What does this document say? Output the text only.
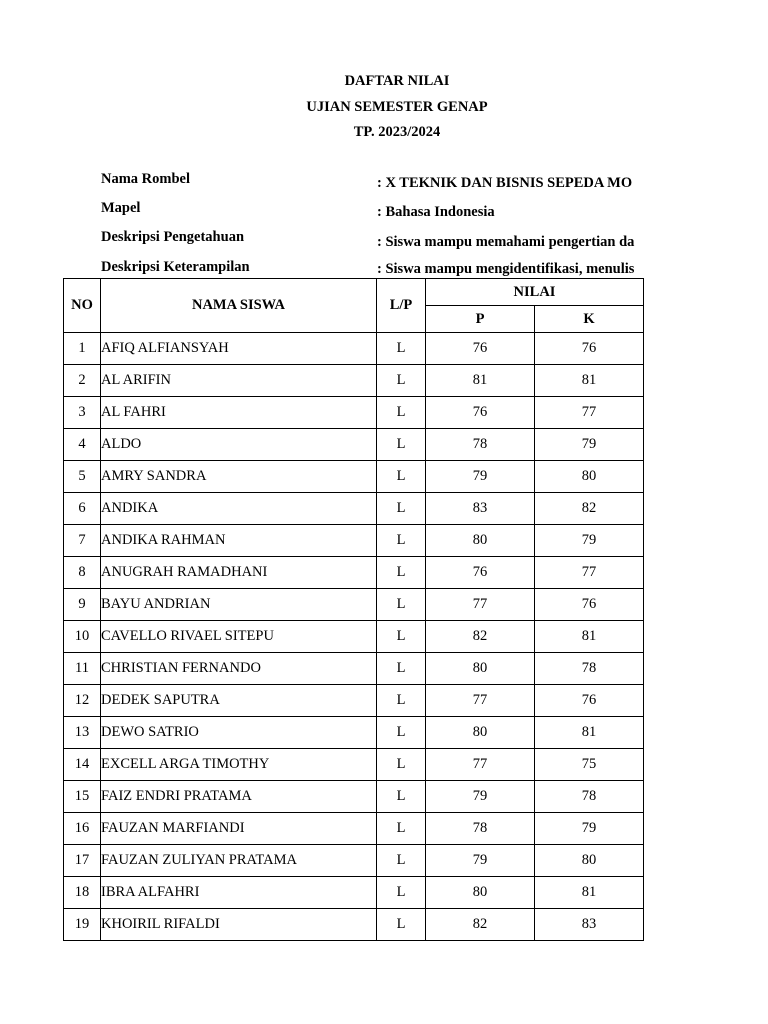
DAFTAR NILAI
UJIAN SEMESTER GENAP
TP. 2023/2024
Nama Rombel	: X TEKNIK DAN BISNIS SEPEDA MO
Mapel	: Bahasa Indonesia
Deskripsi Pengetahuan	: Siswa mampu memahami pengertian da
Deskripsi Keterampilan	: Siswa mampu mengidentifikasi, menulis
NO	NAMA SISWA	L/P	NILAI	
			P	K
1	AFIQ ALFIANSYAH	L	76	76
2	AL ARIFIN	L	81	81
3	AL FAHRI	L	76	77
4	ALDO	L	78	79
5	AMRY SANDRA	L	79	80
6	ANDIKA	L	83	82
7	ANDIKA RAHMAN	L	80	79
8	ANUGRAH RAMADHANI	L	76	77
9	BAYU ANDRIAN	L	77	76
10	CAVELLO RIVAEL SITEPU	L	82	81
11	CHRISTIAN FERNANDO	L	80	78
12	DEDEK SAPUTRA	L	77	76
13	DEWO SATRIO	L	80	81
14	EXCELL ARGA TIMOTHY	L	77	75
15	FAIZ ENDRI PRATAMA	L	79	78
16	FAUZAN MARFIANDI	L	78	79
17	FAUZAN ZULIYAN PRATAMA	L	79	80
18	IBRA ALFAHRI	L	80	81
19	KHOIRIL RIFALDI	L	82	83
